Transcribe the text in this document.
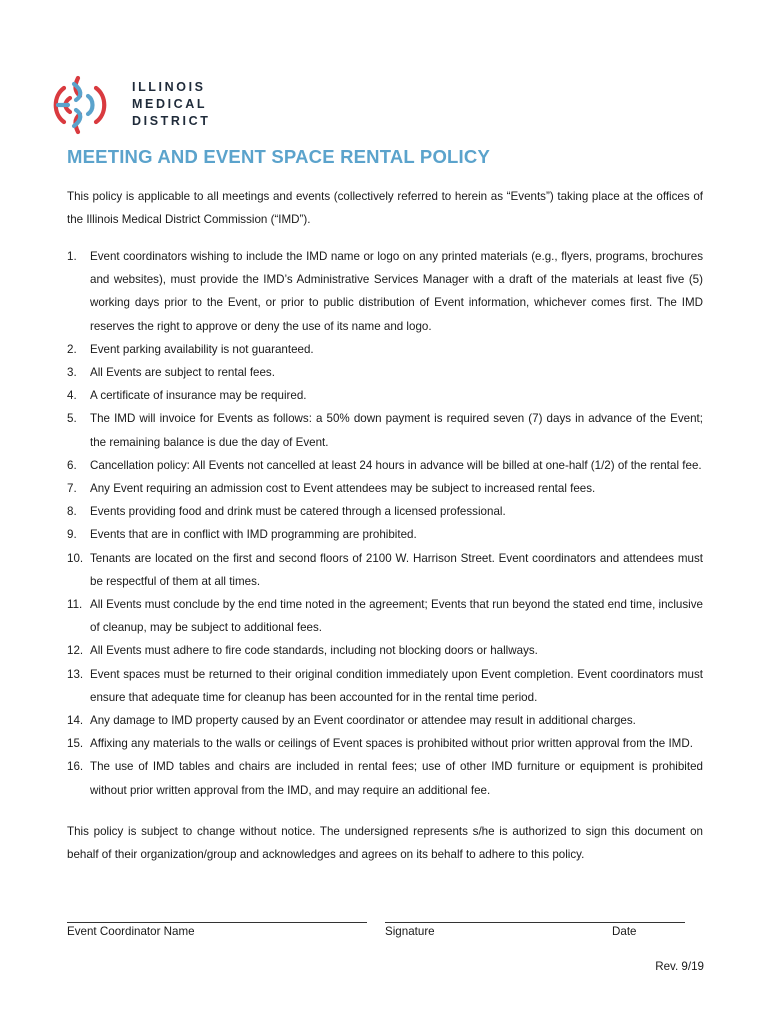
ILLINOIS
MEDICAL
DISTRICT
MEETING AND EVENT SPACE RENTAL POLICY
This policy is applicable to all meetings and events (collectively referred to herein as “Events”) taking place at the offices of the Illinois Medical District Commission (“IMD”).
1. Event coordinators wishing to include the IMD name or logo on any printed materials (e.g., flyers, programs, brochures and websites), must provide the IMD’s Administrative Services Manager with a draft of the materials at least five (5) working days prior to the Event, or prior to public distribution of Event information, whichever comes first. The IMD reserves the right to approve or deny the use of its name and logo.
2. Event parking availability is not guaranteed.
3. All Events are subject to rental fees.
4. A certificate of insurance may be required.
5. The IMD will invoice for Events as follows: a 50% down payment is required seven (7) days in advance of the Event; the remaining balance is due the day of Event.
6. Cancellation policy: All Events not cancelled at least 24 hours in advance will be billed at one-half (1/2) of the rental fee.
7. Any Event requiring an admission cost to Event attendees may be subject to increased rental fees.
8. Events providing food and drink must be catered through a licensed professional.
9. Events that are in conflict with IMD programming are prohibited.
10. Tenants are located on the first and second floors of 2100 W. Harrison Street. Event coordinators and attendees must be respectful of them at all times.
11. All Events must conclude by the end time noted in the agreement; Events that run beyond the stated end time, inclusive of cleanup, may be subject to additional fees.
12. All Events must adhere to fire code standards, including not blocking doors or hallways.
13. Event spaces must be returned to their original condition immediately upon Event completion. Event coordinators must ensure that adequate time for cleanup has been accounted for in the rental time period.
14. Any damage to IMD property caused by an Event coordinator or attendee may result in additional charges.
15. Affixing any materials to the walls or ceilings of Event spaces is prohibited without prior written approval from the IMD.
16. The use of IMD tables and chairs are included in rental fees; use of other IMD furniture or equipment is prohibited without prior written approval from the IMD, and may require an additional fee.
This policy is subject to change without notice. The undersigned represents s/he is authorized to sign this document on behalf of their organization/group and acknowledges and agrees on its behalf to adhere to this policy.
Event Coordinator Name	Signature	Date
Rev. 9/19
